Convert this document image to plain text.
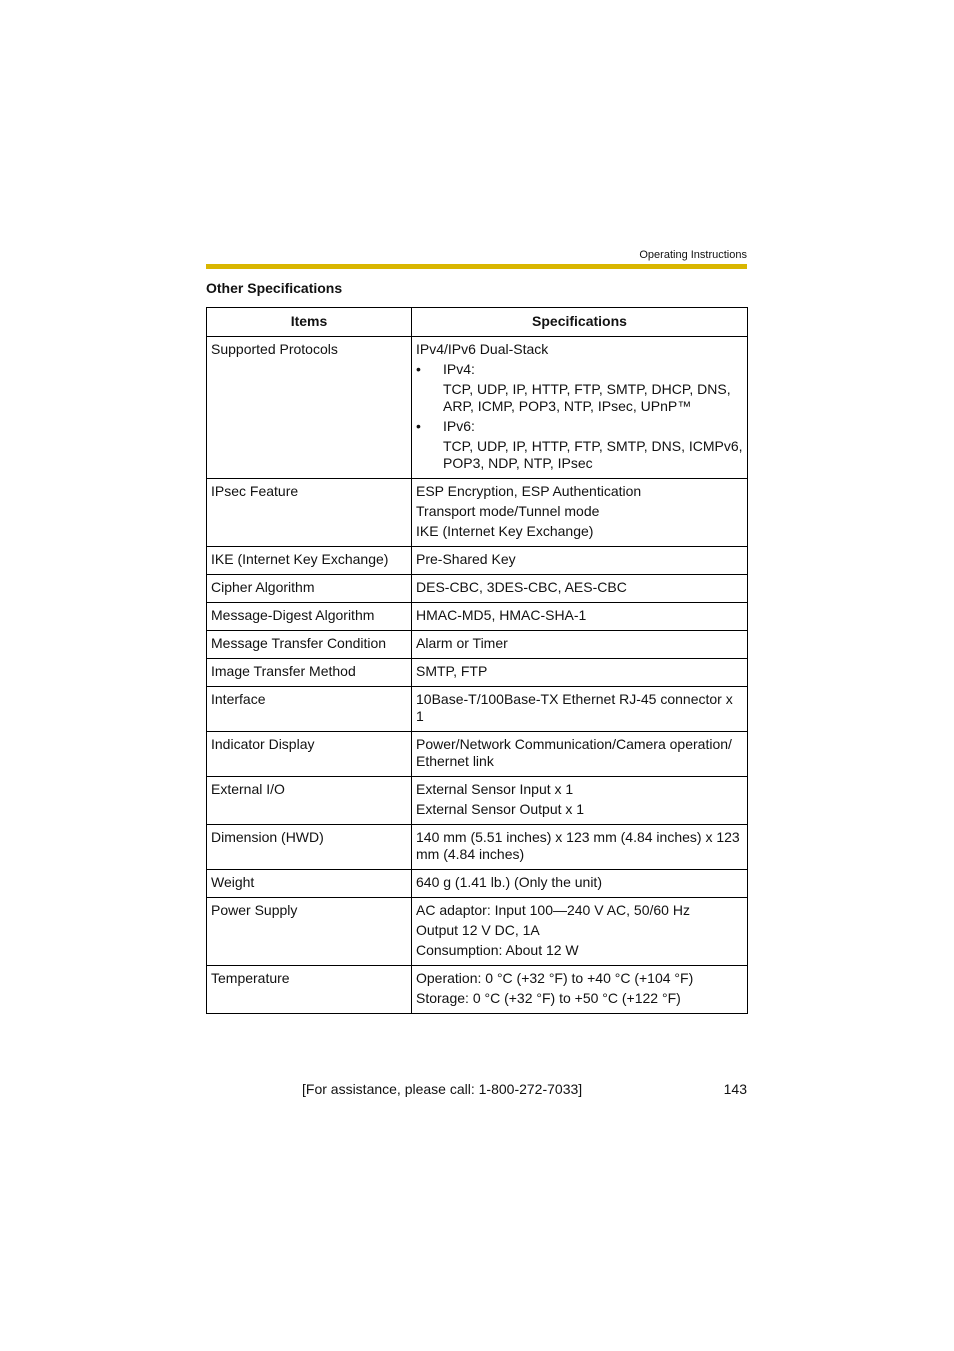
Operating Instructions
Other Specifications
Items	Specifications
Supported Protocols	IPv4/IPv6 Dual-Stack
• IPv4:
TCP, UDP, IP, HTTP, FTP, SMTP, DHCP, DNS, ARP, ICMP, POP3, NTP, IPsec, UPnP™
• IPv6:
TCP, UDP, IP, HTTP, FTP, SMTP, DNS, ICMPv6, POP3, NDP, NTP, IPsec

IPsec Feature	ESP Encryption, ESP Authentication
Transport mode/Tunnel mode
IKE (Internet Key Exchange)

IKE (Internet Key Exchange)	Pre-Shared Key

Cipher Algorithm	DES-CBC, 3DES-CBC, AES-CBC

Message-Digest Algorithm	HMAC-MD5, HMAC-SHA-1

Message Transfer Condition	Alarm or Timer

Image Transfer Method	SMTP, FTP

Interface	10Base-T/100Base-TX Ethernet RJ-45 connector x 1

Indicator Display	Power/Network Communication/Camera operation/ Ethernet link

External I/O	External Sensor Input x 1
External Sensor Output x 1

Dimension (HWD)	140 mm (5.51 inches) x 123 mm (4.84 inches) x 123 mm (4.84 inches)

Weight	640 g (1.41 lb.) (Only the unit)

Power Supply	AC adaptor: Input 100—240 V AC, 50/60 Hz
Output 12 V DC, 1A
Consumption: About 12 W

Temperature	Operation: 0 °C (+32 °F) to +40 °C (+104 °F)
Storage: 0 °C (+32 °F) to +50 °C (+122 °F)
[For assistance, please call: 1-800-272-7033]	143
